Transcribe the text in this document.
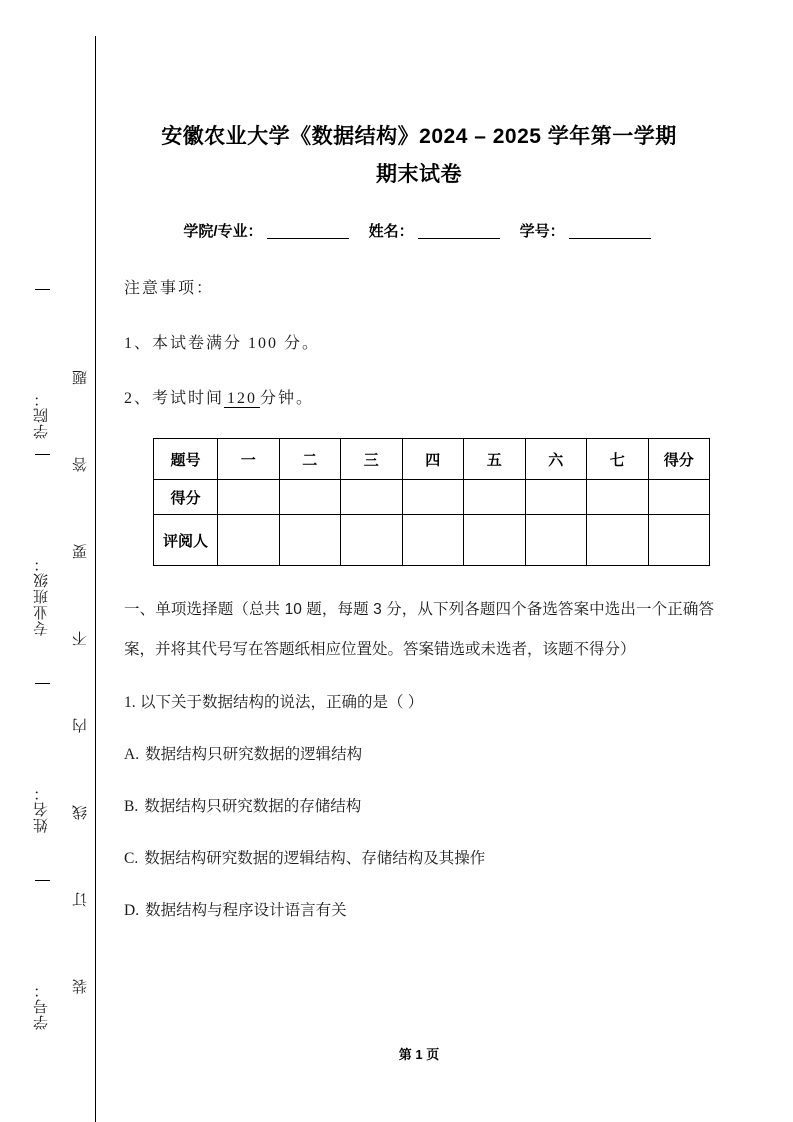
学号：
姓名：
专业班级：
学院：
装
订
线
内
不
要
答
题
安徽农业大学《数据结构》2024 – 2025 学年第一学期
期末试卷
学院/专业：	姓名：	学号：
注意事项：
1、本试卷满分 100 分。
2、考试时间 120 分钟。
题号	一	二	三	四	五	六	七	得分
得分								
评阅人								
一、单项选择题（总共 10 题，每题 3 分，从下列各题四个备选答案中选出一个正确答案，并将其代号写在答题纸相应位置处。答案错选或未选者，该题不得分）
1. 以下关于数据结构的说法，正确的是（ ）
A. 数据结构只研究数据的逻辑结构
B. 数据结构只研究数据的存储结构
C. 数据结构研究数据的逻辑结构、存储结构及其操作
D. 数据结构与程序设计语言有关
第 1 页
